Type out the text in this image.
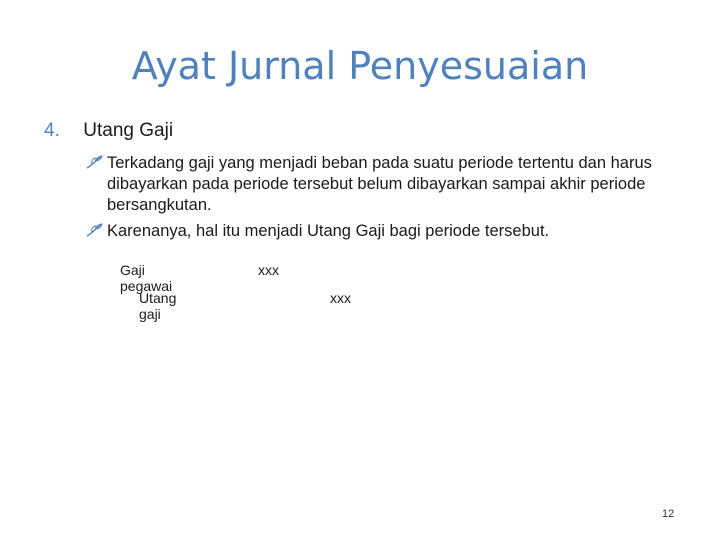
Ayat Jurnal Penyesuaian
4. Utang Gaji
Terkadang gaji yang menjadi beban pada suatu periode tertentu dan harus dibayarkan pada periode tersebut belum dibayarkan sampai akhir periode bersangkutan.
Karenanya, hal itu menjadi Utang Gaji bagi periode tersebut.
Gaji pegawai
xxx
Utang gaji
xxx
12
